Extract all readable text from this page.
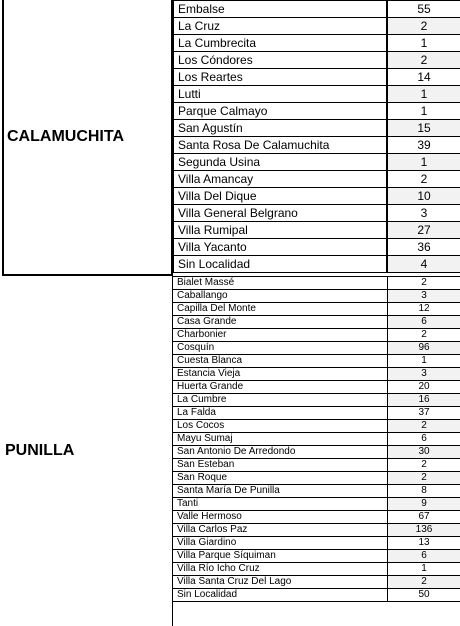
CALAMUCHITA
Embalse	55
La Cruz	2
La Cumbrecita	1
Los Cóndores	2
Los Reartes	14
Lutti	1
Parque Calmayo	1
San Agustín	15
Santa Rosa De Calamuchita	39
Segunda Usina	1
Villa Amancay	2
Villa Del Dique	10
Villa General Belgrano	3
Villa Rumipal	27
Villa Yacanto	36
Sin Localidad	4
PUNILLA
Bialet Massé	2
Caballango	3
Capilla Del Monte	12
Casa Grande	6
Charbonier	2
Cosquín	96
Cuesta Blanca	1
Estancia Vieja	3
Huerta Grande	20
La Cumbre	16
La Falda	37
Los Cocos	2
Mayu Sumaj	6
San Antonio De Arredondo	30
San Esteban	2
San Roque	2
Santa María De Punilla	8
Tanti	9
Valle Hermoso	67
Villa Carlos Paz	136
Villa Giardino	13
Villa Parque Síquiman	6
Villa Río Icho Cruz	1
Villa Santa Cruz Del Lago	2
Sin Localidad	50
